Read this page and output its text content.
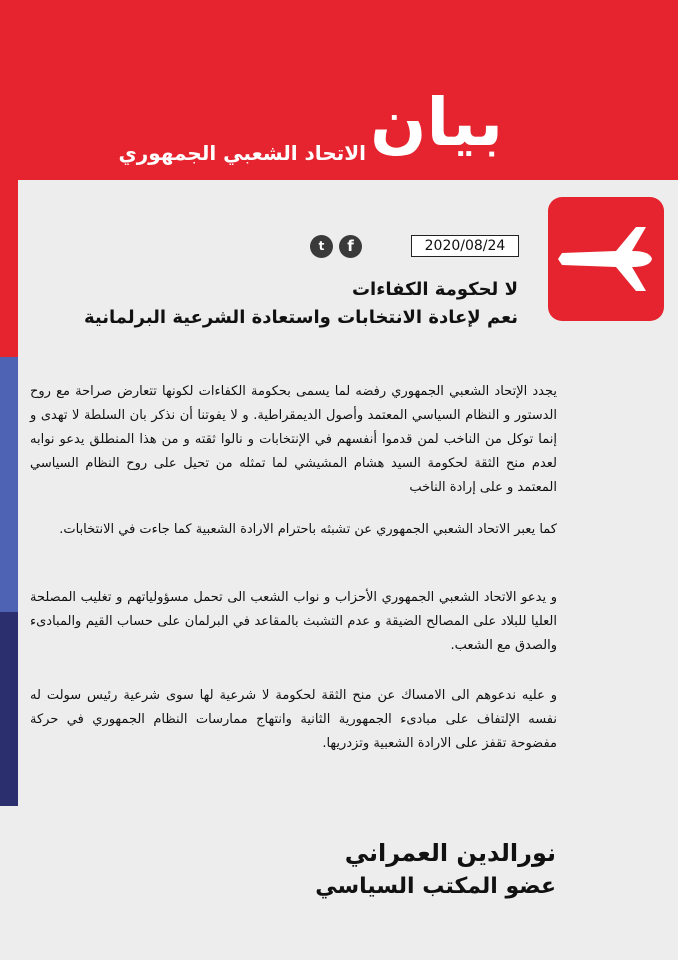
بيان
الاتحاد الشعبي الجمهوري
2020/08/24
f
t
لا لحكومة الكفاءات
نعم لإعادة الانتخابات واستعادة الشرعية البرلمانية
يجدد الإتحاد الشعبي الجمهوري رفضه لما يسمى بحكومة الكفاءات لكونها تتعارض صراحة مع روح الدستور و النظام السياسي المعتمد وأصول الديمقراطية. و لا يفوتنا أن نذكر بان السلطة لا تهدى و إنما توكل من الناخب لمن قدموا أنفسهم في الإنتخابات و نالوا ثقته و من هذا المنطلق يدعو نوابه لعدم منح الثقة لحكومة السيد هشام المشيشي لما تمثله من تحيل على روح النظام السياسي المعتمد و على إرادة الناخب
كما يعبر الاتحاد الشعبي الجمهوري عن تشبثه باحترام الارادة الشعبية كما جاءت في الانتخابات.
و يدعو الاتحاد الشعبي الجمهوري الأحزاب و نواب الشعب الى تحمل مسؤولياتهم و تغليب المصلحة العليا للبلاد على المصالح الضيقة و عدم التشبث بالمقاعد في البرلمان على حساب القيم والمبادىء والصدق مع الشعب.
و عليه ندعوهم الى الامساك عن منح الثقة لحكومة لا شرعية لها سوى شرعية رئيس سولت له نفسه الإلتفاف على مبادىء الجمهورية الثانية وانتهاج ممارسات النظام الجمهوري في حركة مفضوحة تقفز على الارادة الشعبية وتزدريها.
نورالدين العمراني
عضو المكتب السياسي
